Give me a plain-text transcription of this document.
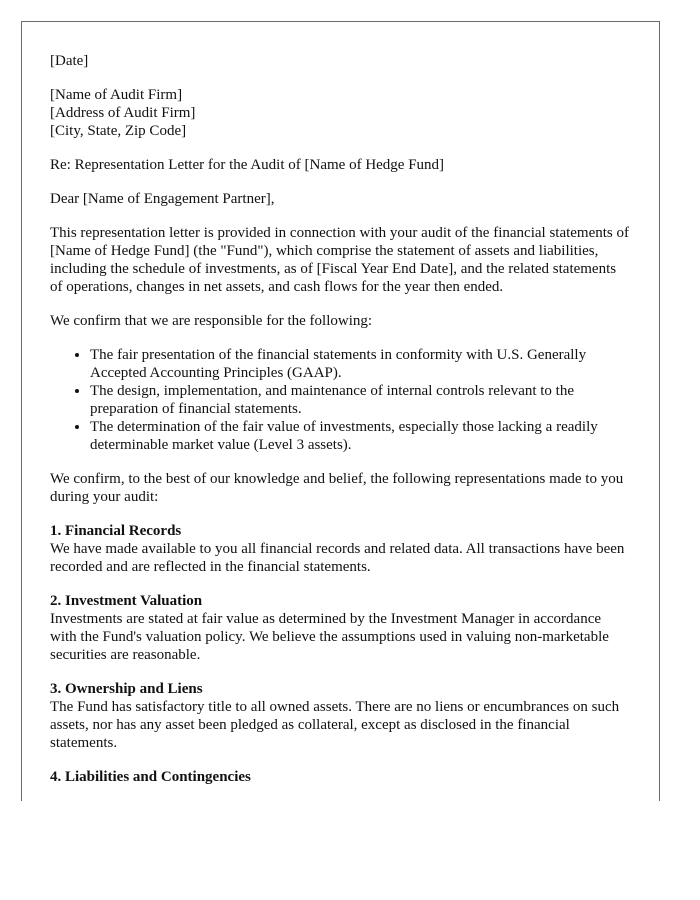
[Date]

[Name of Audit Firm]
[Address of Audit Firm]
[City, State, Zip Code]

Re: Representation Letter for the Audit of [Name of Hedge Fund]

Dear [Name of Engagement Partner],

This representation letter is provided in connection with your audit of the financial statements of [Name of Hedge Fund] (the "Fund"), which comprise the statement of assets and liabilities, including the schedule of investments, as of [Fiscal Year End Date], and the related statements of operations, changes in net assets, and cash flows for the year then ended.

We confirm that we are responsible for the following:

• The fair presentation of the financial statements in conformity with U.S. Generally Accepted Accounting Principles (GAAP).
• The design, implementation, and maintenance of internal controls relevant to the preparation of financial statements.
• The determination of the fair value of investments, especially those lacking a readily determinable market value (Level 3 assets).

We confirm, to the best of our knowledge and belief, the following representations made to you during your audit:

1. Financial Records

We have made available to you all financial records and related data. All transactions have been recorded and are reflected in the financial statements.

2. Investment Valuation

Investments are stated at fair value as determined by the Investment Manager in accordance with the Fund's valuation policy. We believe the assumptions used in valuing non-marketable securities are reasonable.

3. Ownership and Liens

The Fund has satisfactory title to all owned assets. There are no liens or encumbrances on such assets, nor has any asset been pledged as collateral, except as disclosed in the financial statements.

4. Liabilities and Contingencies
